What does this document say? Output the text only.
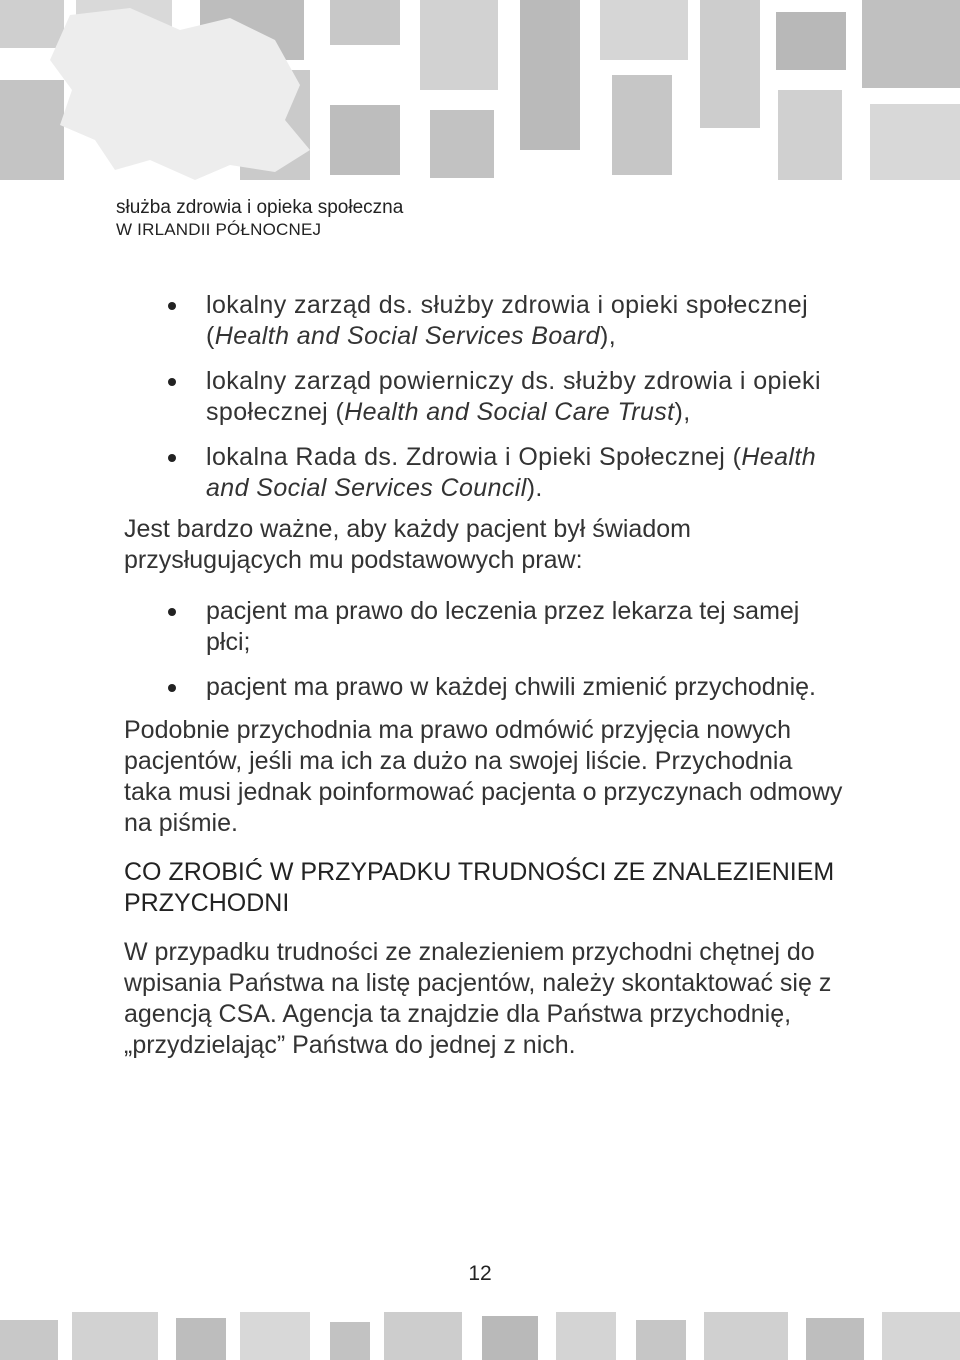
służba zdrowia i opieka społeczna
W IRLANDII PÓŁNOCNEJ
lokalny zarząd ds. służby zdrowia i opieki społecznej (Health and Social Services Board),
lokalny zarząd powierniczy ds. służby zdrowia i opieki społecznej (Health and Social Care Trust),
lokalna Rada ds. Zdrowia i Opieki Społecznej (Health and Social Services Council).

Jest bardzo ważne, aby każdy pacjent był świadom przysługujących mu podstawowych praw:

pacjent ma prawo do leczenia przez lekarza tej samej płci;
pacjent ma prawo w każdej chwili zmienić przychodnię.

Podobnie przychodnia ma prawo odmówić przyjęcia nowych pacjentów, jeśli ma ich za dużo na swojej liście. Przychodnia taka musi jednak poinformować pacjenta o przyczynach odmowy na piśmie.

CO ZROBIĆ W PRZYPADKU TRUDNOŚCI ZE ZNALEZIENIEM PRZYCHODNI

W przypadku trudności ze znalezieniem przychodni chętnej do wpisania Państwa na listę pacjentów, należy skontaktować się z agencją CSA. Agencja ta znajdzie dla Państwa przychodnię, „przydzielając” Państwa do jednej z nich.

12
